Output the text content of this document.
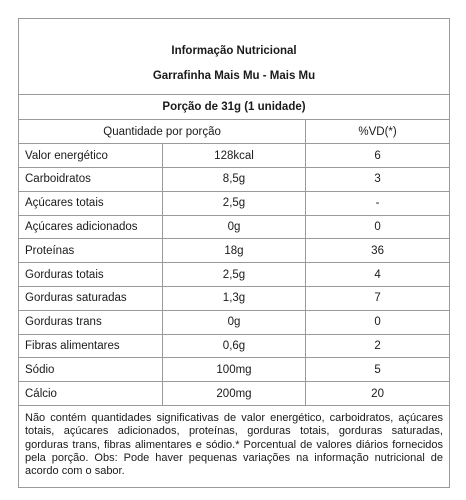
Informação Nutricional
Garrafinha Mais Mu - Mais Mu
Porção de 31g (1 unidade)
Quantidade por porção		%VD(*)
Valor energético	128kcal	6
Carboidratos	8,5g	3
Açúcares totais	2,5g	-
Açúcares adicionados	0g	0
Proteínas	18g	36
Gorduras totais	2,5g	4
Gorduras saturadas	1,3g	7
Gorduras trans	0g	0
Fibras alimentares	0,6g	2
Sódio	100mg	5
Cálcio	200mg	20
Não contém quantidades significativas de valor energético, carboidratos, açúcares totais, açúcares adicionados, proteínas, gorduras totais, gorduras saturadas, gorduras trans, fibras alimentares e sódio.* Porcentual de valores diários fornecidos pela porção. Obs: Pode haver pequenas variações na informação nutricional de acordo com o sabor.
